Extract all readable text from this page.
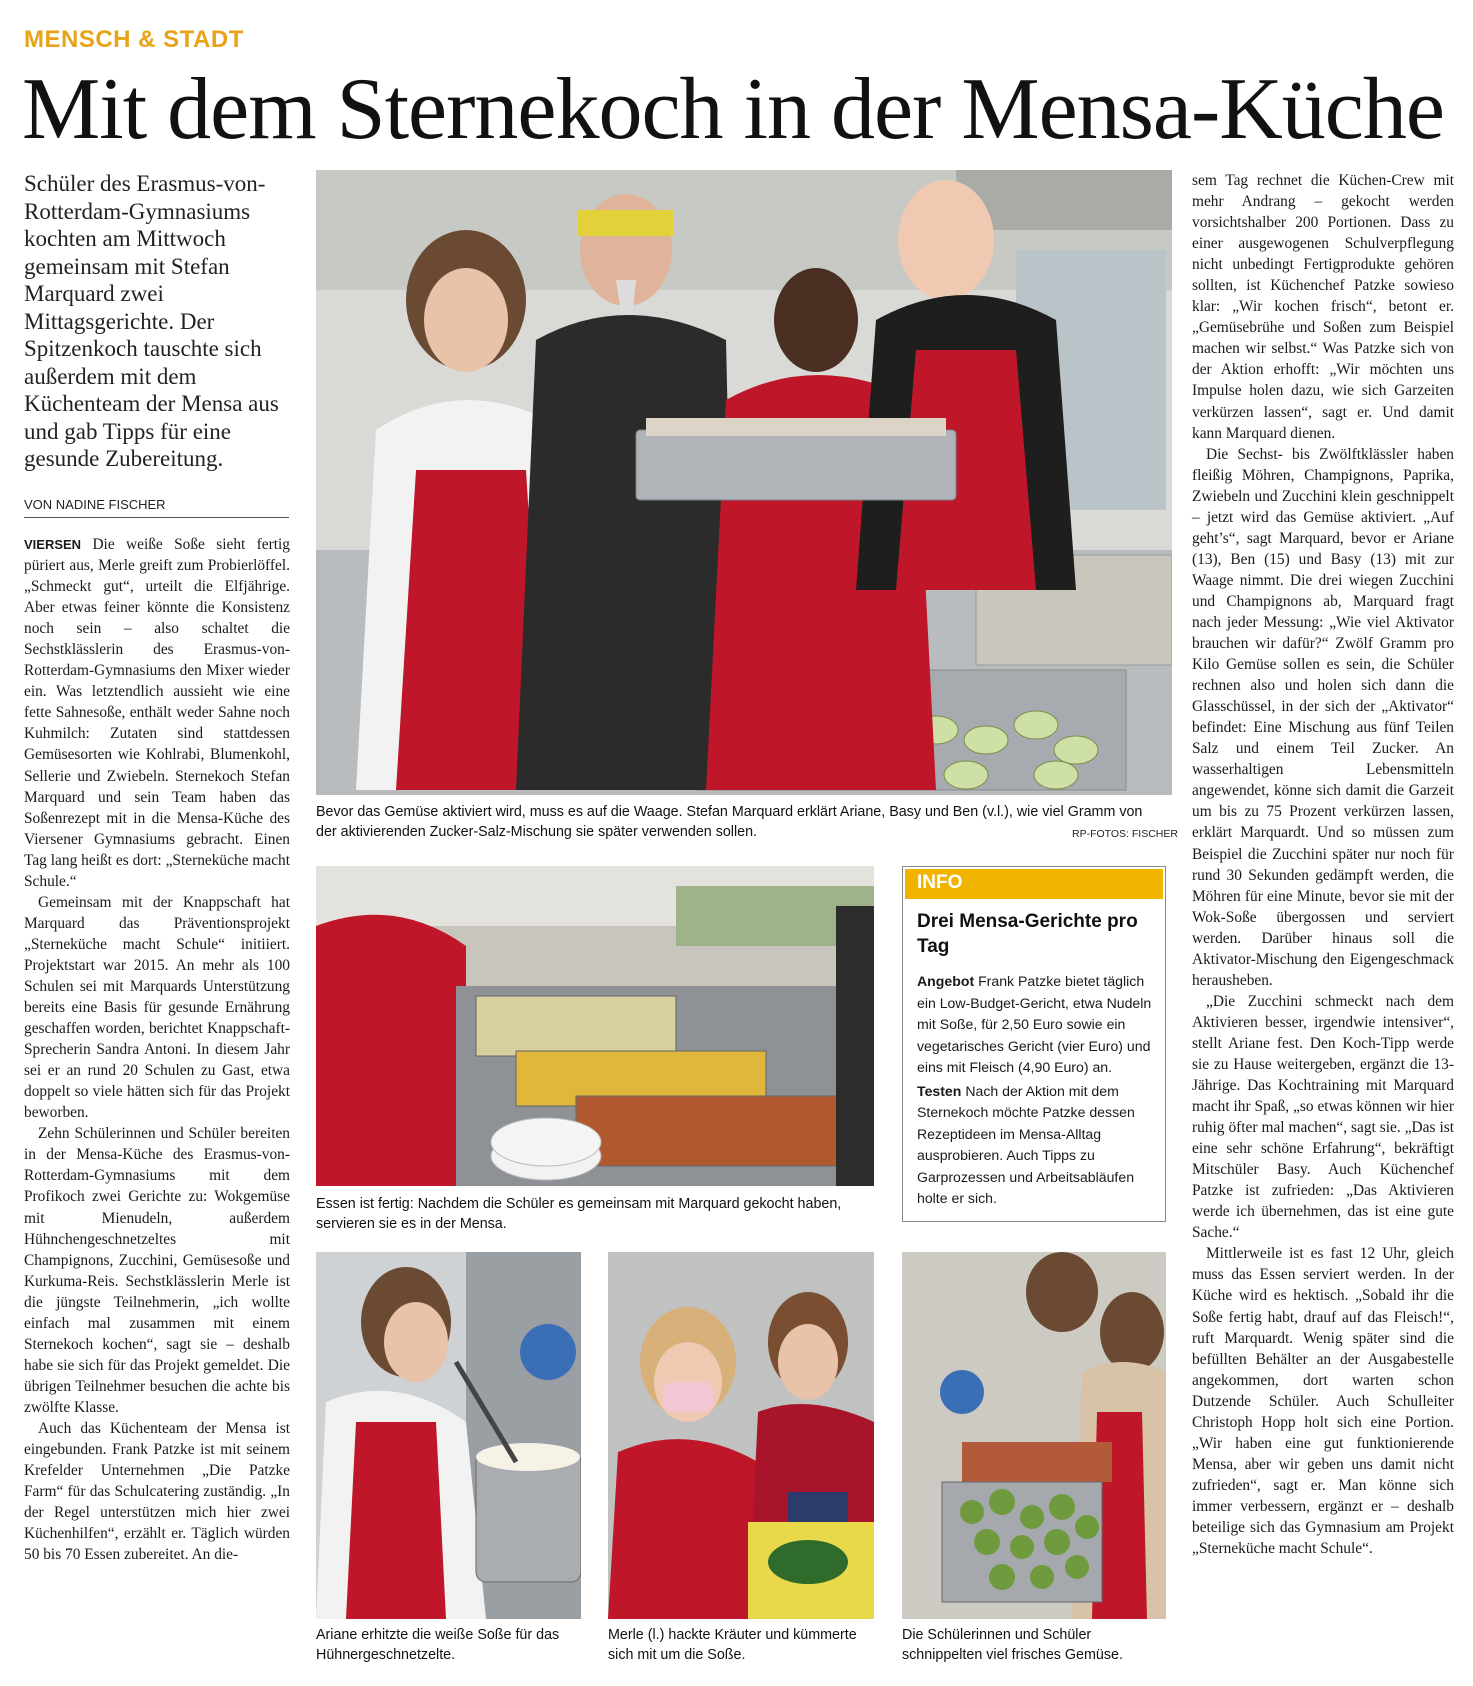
MENSCH & STADT
Mit dem Sternekoch in der Mensa-Küche
Schüler des Erasmus-von-Rotterdam-Gymnasiums kochten am Mittwoch gemeinsam mit Stefan Marquard zwei Mittagsgerichte. Der Spitzenkoch tauschte sich außerdem mit dem Küchenteam der Mensa aus und gab Tipps für eine gesunde Zubereitung.
VON NADINE FISCHER

VIERSEN Die weiße Soße sieht fertig püriert aus, Merle greift zum Probierlöffel. „Schmeckt gut“, urteilt die Elfjährige. Aber etwas feiner könnte die Konsistenz noch sein – also schaltet die Sechstklässlerin des Erasmus-von-Rotterdam-Gymnasiums den Mixer wieder ein. Was letztendlich aussieht wie eine fette Sahnesoße, enthält weder Sahne noch Kuhmilch: Zutaten sind stattdessen Gemüsesorten wie Kohlrabi, Blumenkohl, Sellerie und Zwiebeln. Sternekoch Stefan Marquard und sein Team haben das Soßenrezept mit in die Mensa-Küche des Viersener Gymnasiums gebracht. Einen Tag lang heißt es dort: „Sterneküche macht Schule.“

Gemeinsam mit der Knappschaft hat Marquard das Präventionsprojekt „Sterneküche macht Schule“ initiiert. Projektstart war 2015. An mehr als 100 Schulen sei mit Marquards Unterstützung bereits eine Basis für gesunde Ernährung geschaffen worden, berichtet Knappschaft-Sprecherin Sandra Antoni. In diesem Jahr sei er an rund 20 Schulen zu Gast, etwa doppelt so viele hätten sich für das Projekt beworben.

Zehn Schülerinnen und Schüler bereiten in der Mensa-Küche des Erasmus-von-Rotterdam-Gymnasiums mit dem Profikoch zwei Gerichte zu: Wokgemüse mit Mienudeln, außerdem Hühnchengeschnetzeltes mit Champignons, Zucchini, Gemüsesoße und Kurkuma-Reis. Sechstklässlerin Merle ist die jüngste Teilnehmerin, „ich wollte einfach mal zusammen mit einem Sternekoch kochen“, sagt sie – deshalb habe sie sich für das Projekt gemeldet. Die übrigen Teilnehmer besuchen die achte bis zwölfte Klasse.

Auch das Küchenteam der Mensa ist eingebunden. Frank Patzke ist mit seinem Krefelder Unternehmen „Die Patzke Farm“ für das Schulcatering zuständig. „In der Regel unterstützen mich hier zwei Küchenhilfen“, erzählt er. Täglich würden 50 bis 70 Essen zubereitet. An die-

Bevor das Gemüse aktiviert wird, muss es auf die Waage. Stefan Marquard erklärt Ariane, Basy und Ben (v.l.), wie viel Gramm von der aktivierenden Zucker-Salz-Mischung sie später verwenden sollen.	RP-FOTOS: FISCHER
Essen ist fertig: Nachdem die Schüler es gemeinsam mit Marquard gekocht haben, servieren sie es in der Mensa.
INFO
Drei Mensa-Gerichte pro Tag

Angebot Frank Patzke bietet täglich ein Low-Budget-Gericht, etwa Nudeln mit Soße, für 2,50 Euro sowie ein vegetarisches Gericht (vier Euro) und eins mit Fleisch (4,90 Euro) an.

Testen Nach der Aktion mit dem Sternekoch möchte Patzke dessen Rezeptideen im Mensa-Alltag ausprobieren. Auch Tipps zu Garprozessen und Arbeitsabläufen holte er sich.

Ariane erhitzte die weiße Soße für das Hühnergeschnetzelte.
Merle (l.) hackte Kräuter und kümmerte sich mit um die Soße.
Die Schülerinnen und Schüler schnippelten viel frisches Gemüse.

sem Tag rechnet die Küchen-Crew mit mehr Andrang – gekocht werden vorsichtshalber 200 Portionen. Dass zu einer ausgewogenen Schulverpflegung nicht unbedingt Fertigprodukte gehören sollten, ist Küchenchef Patzke sowieso klar: „Wir kochen frisch“, betont er. „Gemüsebrühe und Soßen zum Beispiel machen wir selbst.“ Was Patzke sich von der Aktion erhofft: „Wir möchten uns Impulse holen dazu, wie sich Garzeiten verkürzen lassen“, sagt er. Und damit kann Marquard dienen.

Die Sechst- bis Zwölftklässler haben fleißig Möhren, Champignons, Paprika, Zwiebeln und Zucchini klein geschnippelt – jetzt wird das Gemüse aktiviert. „Auf geht’s“, sagt Marquard, bevor er Ariane (13), Ben (15) und Basy (13) mit zur Waage nimmt. Die drei wiegen Zucchini und Champignons ab, Marquard fragt nach jeder Messung: „Wie viel Aktivator brauchen wir dafür?“ Zwölf Gramm pro Kilo Gemüse sollen es sein, die Schüler rechnen also und holen sich dann die Glasschüssel, in der sich der „Aktivator“ befindet: Eine Mischung aus fünf Teilen Salz und einem Teil Zucker. An wasserhaltigen Lebensmitteln angewendet, könne sich damit die Garzeit um bis zu 75 Prozent verkürzen lassen, erklärt Marquardt. Und so müssen zum Beispiel die Zucchini später nur noch für rund 30 Sekunden gedämpft werden, die Möhren für eine Minute, bevor sie mit der Wok-Soße übergossen und serviert werden. Darüber hinaus soll die Aktivator-Mischung den Eigengeschmack herausheben.

„Die Zucchini schmeckt nach dem Aktivieren besser, irgendwie intensiver“, stellt Ariane fest. Den Koch-Tipp werde sie zu Hause weitergeben, ergänzt die 13-Jährige. Das Kochtraining mit Marquard macht ihr Spaß, „so etwas können wir hier ruhig öfter mal machen“, sagt sie. „Das ist eine sehr schöne Erfahrung“, bekräftigt Mitschüler Basy. Auch Küchenchef Patzke ist zufrieden: „Das Aktivieren werde ich übernehmen, das ist eine gute Sache.“

Mittlerweile ist es fast 12 Uhr, gleich muss das Essen serviert werden. In der Küche wird es hektisch. „Sobald ihr die Soße fertig habt, drauf auf das Fleisch!“, ruft Marquardt. Wenig später sind die befüllten Behälter an der Ausgabestelle angekommen, dort warten schon Dutzende Schüler. Auch Schulleiter Christoph Hopp holt sich eine Portion. „Wir haben eine gut funktionierende Mensa, aber wir geben uns damit nicht zufrieden“, sagt er. Man könne sich immer verbessern, ergänzt er – deshalb beteilige sich das Gymnasium am Projekt „Sterneküche macht Schule“.
